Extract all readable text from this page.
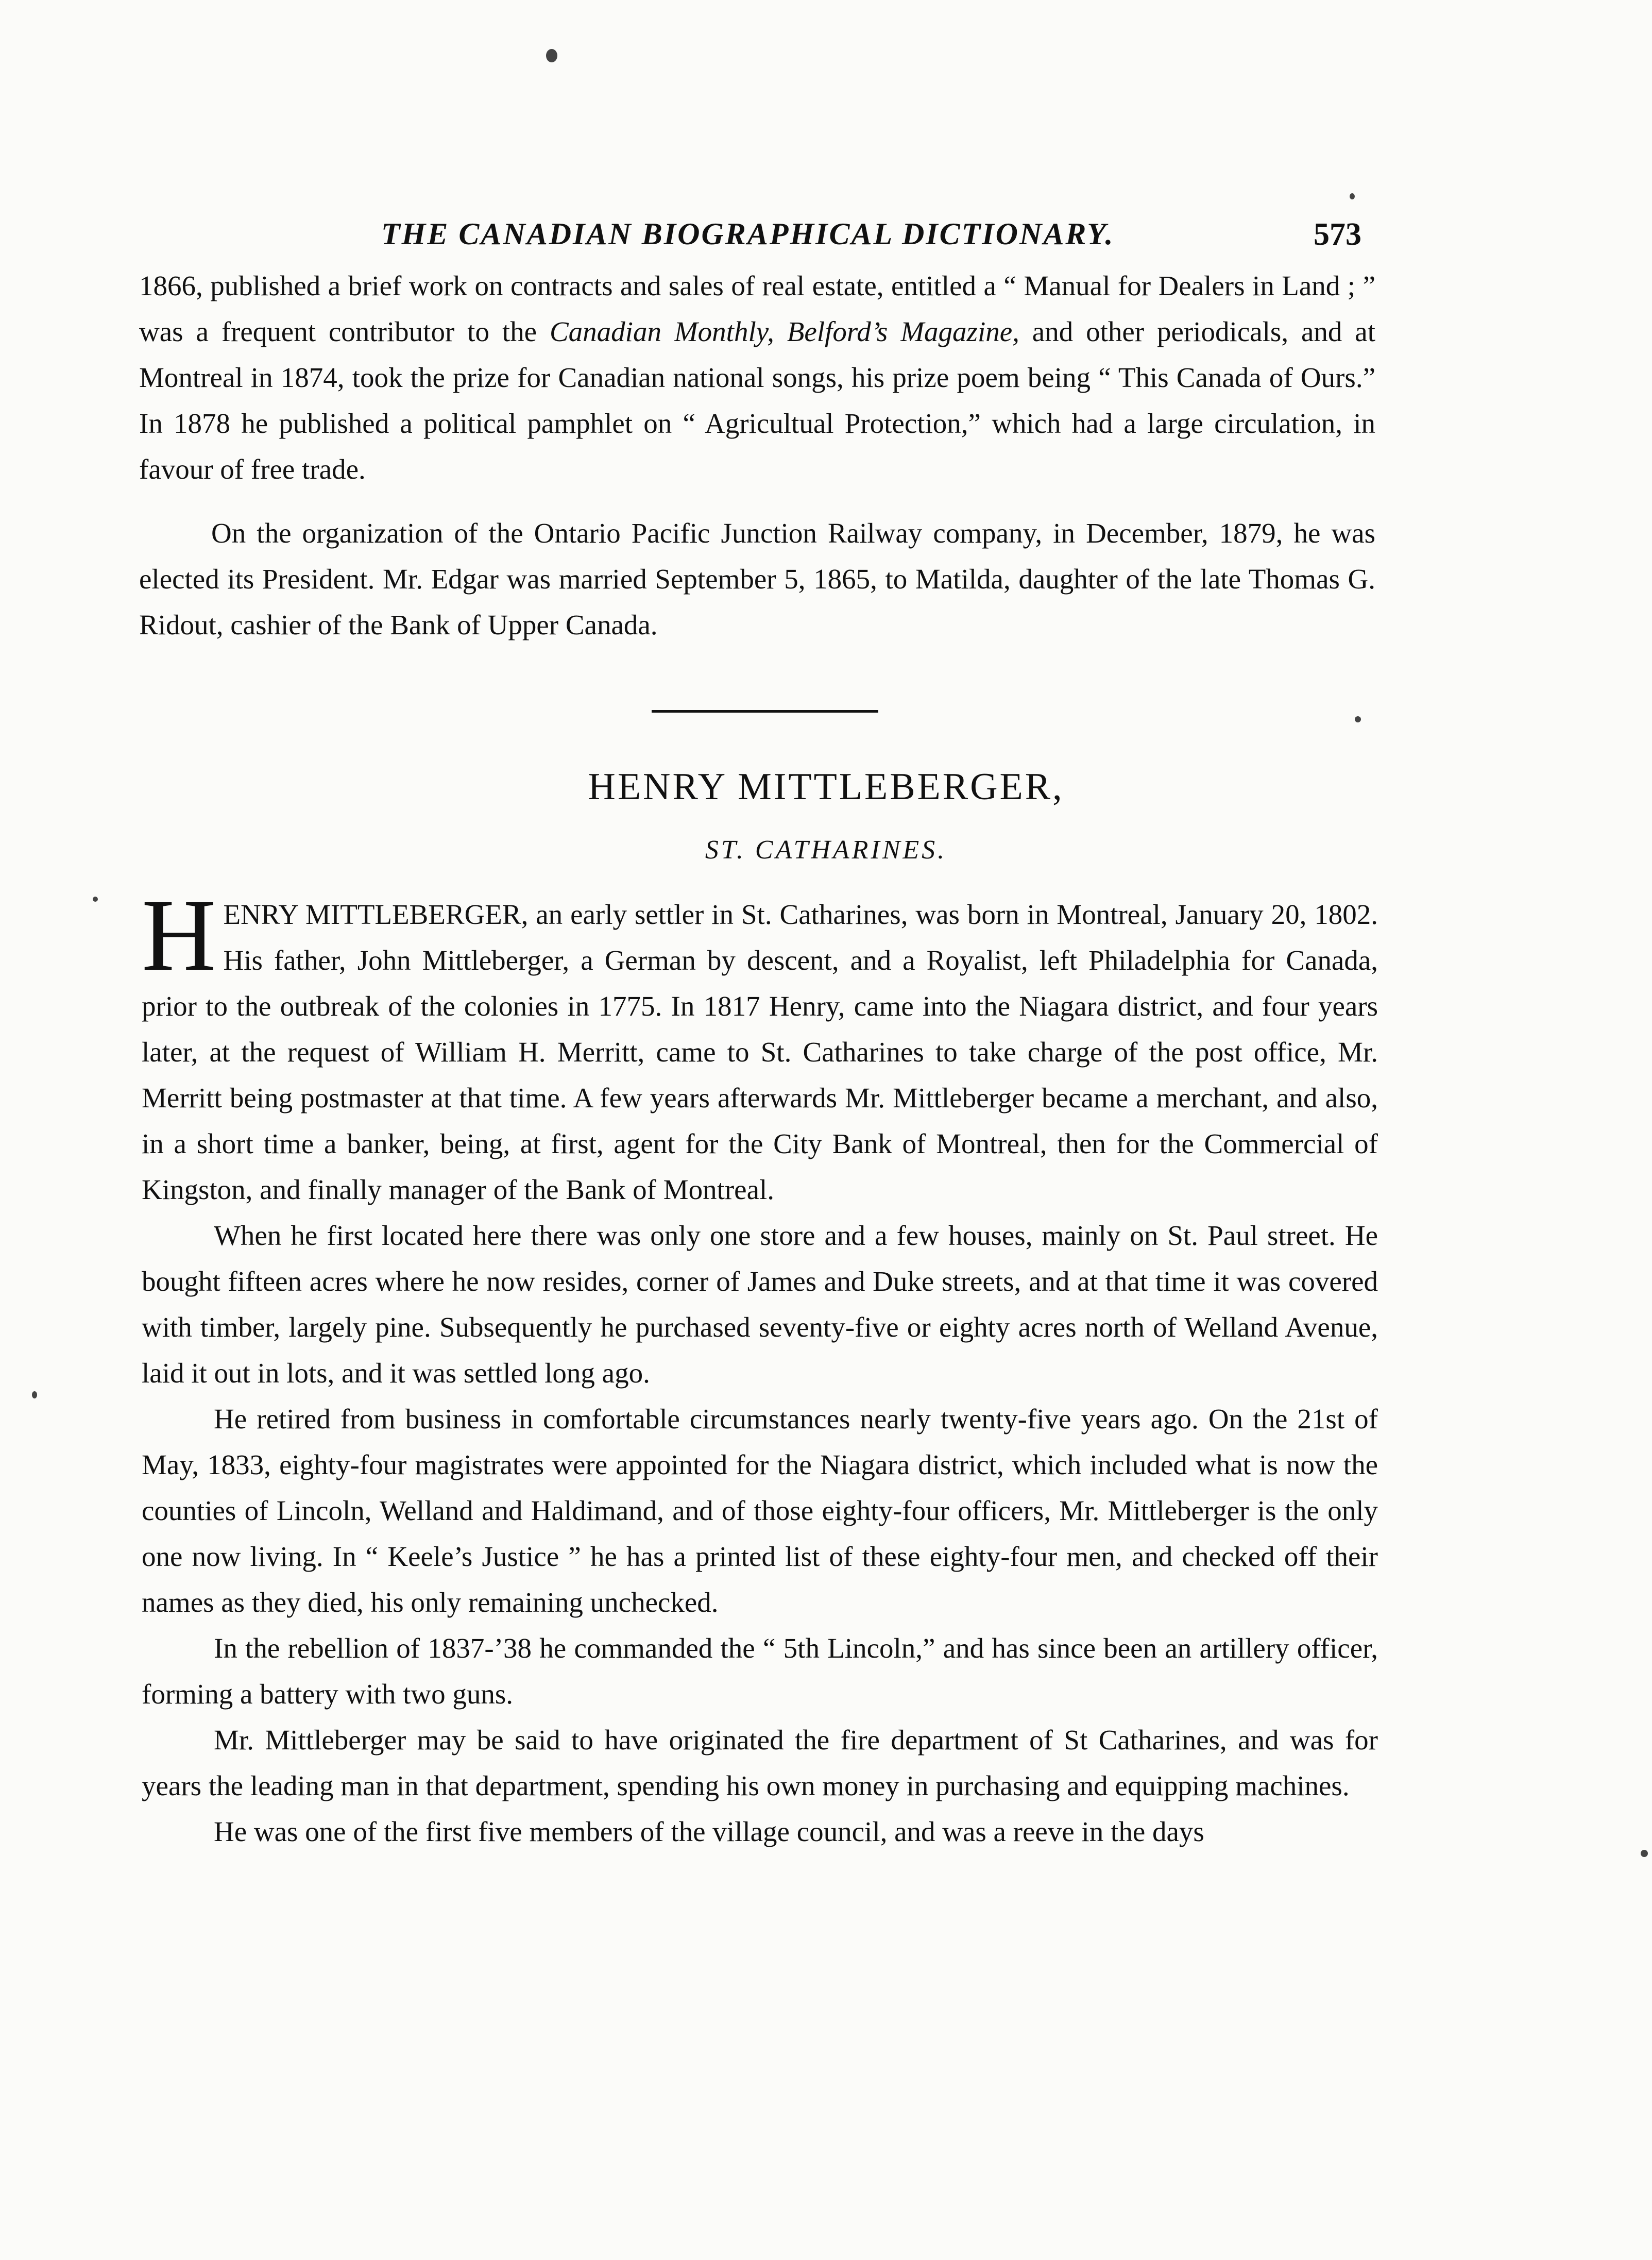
THE CANADIAN BIOGRAPHICAL DICTIONARY.	573

1866, published a brief work on contracts and sales of real estate, entitled a “ Manual for Dealers in Land ; ” was a frequent contributor to the Canadian Monthly, Belford’s Magazine, and other periodicals, and at Montreal in 1874, took the prize for Canadian national songs, his prize poem being “ This Canada of Ours.” In 1878 he published a political pamphlet on “ Agricultual Protection,” which had a large circulation, in favour of free trade.

On the organization of the Ontario Pacific Junction Railway company, in December, 1879, he was elected its President. Mr. Edgar was married September 5, 1865, to Matilda, daughter of the late Thomas G. Ridout, cashier of the Bank of Upper Canada.

HENRY MITTLEBERGER,
ST. CATHARINES.

HENRY MITTLEBERGER, an early settler in St. Catharines, was born in Montreal, January 20, 1802. His father, John Mittleberger, a German by descent, and a Royalist, left Philadelphia for Canada, prior to the outbreak of the colonies in 1775. In 1817 Henry, came into the Niagara district, and four years later, at the request of William H. Merritt, came to St. Catharines to take charge of the post office, Mr. Merritt being postmaster at that time. A few years afterwards Mr. Mittleberger became a merchant, and also, in a short time a banker, being, at first, agent for the City Bank of Montreal, then for the Commercial of Kingston, and finally manager of the Bank of Montreal.

When he first located here there was only one store and a few houses, mainly on St. Paul street. He bought fifteen acres where he now resides, corner of James and Duke streets, and at that time it was covered with timber, largely pine. Subsequently he purchased seventy-five or eighty acres north of Welland Avenue, laid it out in lots, and it was settled long ago.

He retired from business in comfortable circumstances nearly twenty-five years ago. On the 21st of May, 1833, eighty-four magistrates were appointed for the Niagara district, which included what is now the counties of Lincoln, Welland and Haldimand, and of those eighty-four officers, Mr. Mittleberger is the only one now living. In “ Keele’s Justice ” he has a printed list of these eighty-four men, and checked off their names as they died, his only remaining unchecked.

In the rebellion of 1837-’38 he commanded the “ 5th Lincoln,” and has since been an artillery officer, forming a battery with two guns.

Mr. Mittleberger may be said to have originated the fire department of St Catharines, and was for years the leading man in that department, spending his own money in purchasing and equipping machines.

He was one of the first five members of the village council, and was a reeve in the days
